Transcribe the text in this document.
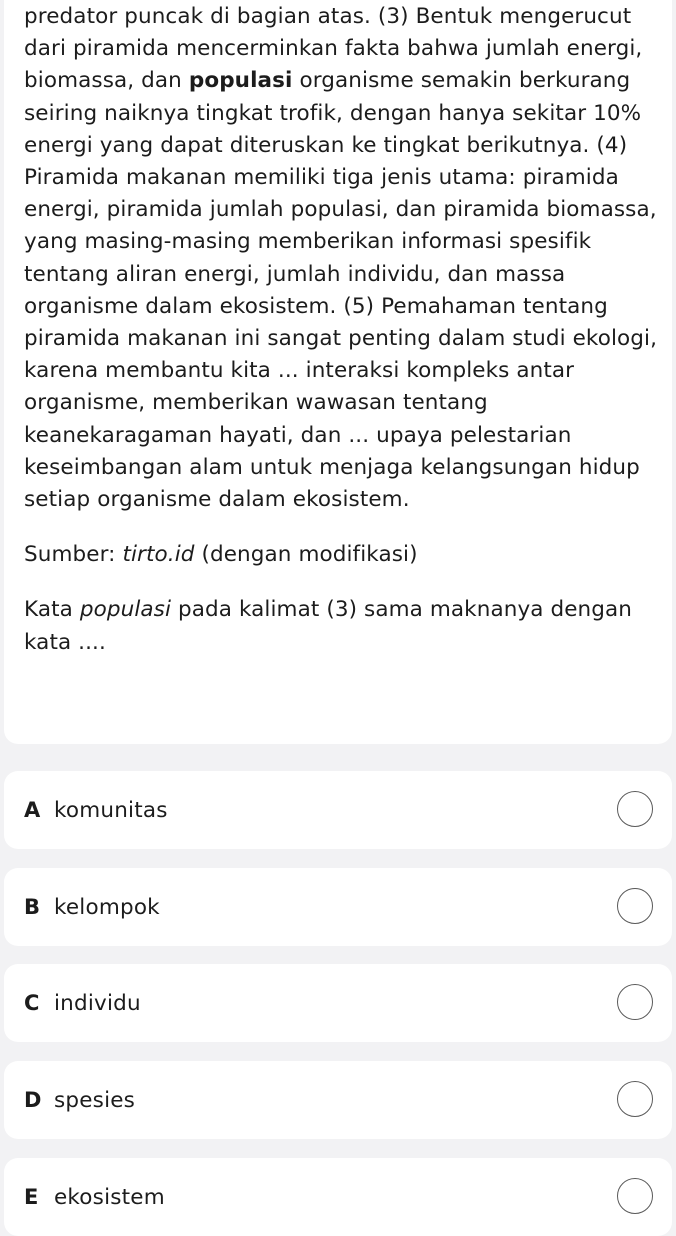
predator puncak di bagian atas. (3) Bentuk mengerucut dari piramida mencerminkan fakta bahwa jumlah energi, biomassa, dan populasi organisme semakin berkurang seiring naiknya tingkat trofik, dengan hanya sekitar 10% energi yang dapat diteruskan ke tingkat berikutnya. (4) Piramida makanan memiliki tiga jenis utama: piramida energi, piramida jumlah populasi, dan piramida biomassa, yang masing-masing memberikan informasi spesifik tentang aliran energi, jumlah individu, dan massa organisme dalam ekosistem. (5) Pemahaman tentang piramida makanan ini sangat penting dalam studi ekologi, karena membantu kita ... interaksi kompleks antar organisme, memberikan wawasan tentang keanekaragaman hayati, dan ... upaya pelestarian keseimbangan alam untuk menjaga kelangsungan hidup setiap organisme dalam ekosistem.

Sumber: tirto.id (dengan modifikasi)

Kata populasi pada kalimat (3) sama maknanya dengan kata ....

A komunitas
B kelompok
C individu
D spesies
E ekosistem
